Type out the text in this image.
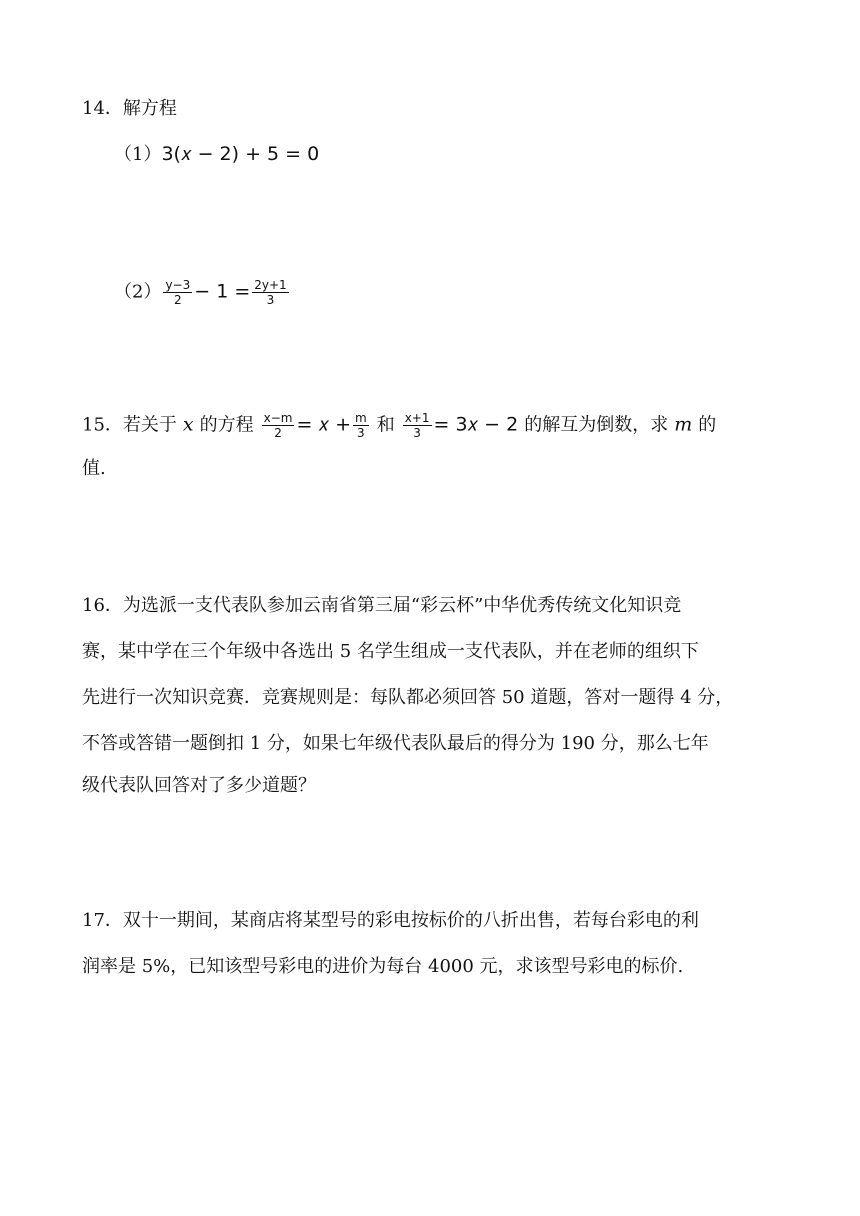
14．解方程
（1）3(𝑥 − 2) + 5 = 0
$(2) \frac{y-3}{2} - 1 = \frac{2y+1}{3}$
15．若关于 𝑥 的方程 $\frac{x-m}{2}$ = 𝑥 + $\frac{m}{3}$ 和 $\frac{x+1}{3}$ = 3𝑥 − 2 的解互为倒数，求 𝑚 的
值.
16．为选派一支代表队参加云南省第三届“彩云杯”中华优秀传统文化知识竞
赛，某中学在三个年级中各选出 5 名学生组成一支代表队，并在老师的组织下
先进行一次知识竞赛．竞赛规则是：每队都必须回答 50 道题，答对一题得 4 分，
不答或答错一题倒扣 1 分，如果七年级代表队最后的得分为 190 分，那么七年
级代表队回答对了多少道题？
17．双十一期间，某商店将某型号的彩电按标价的八折出售，若每台彩电的利
润率是 5%，已知该型号彩电的进价为每台 4000 元，求该型号彩电的标价.
